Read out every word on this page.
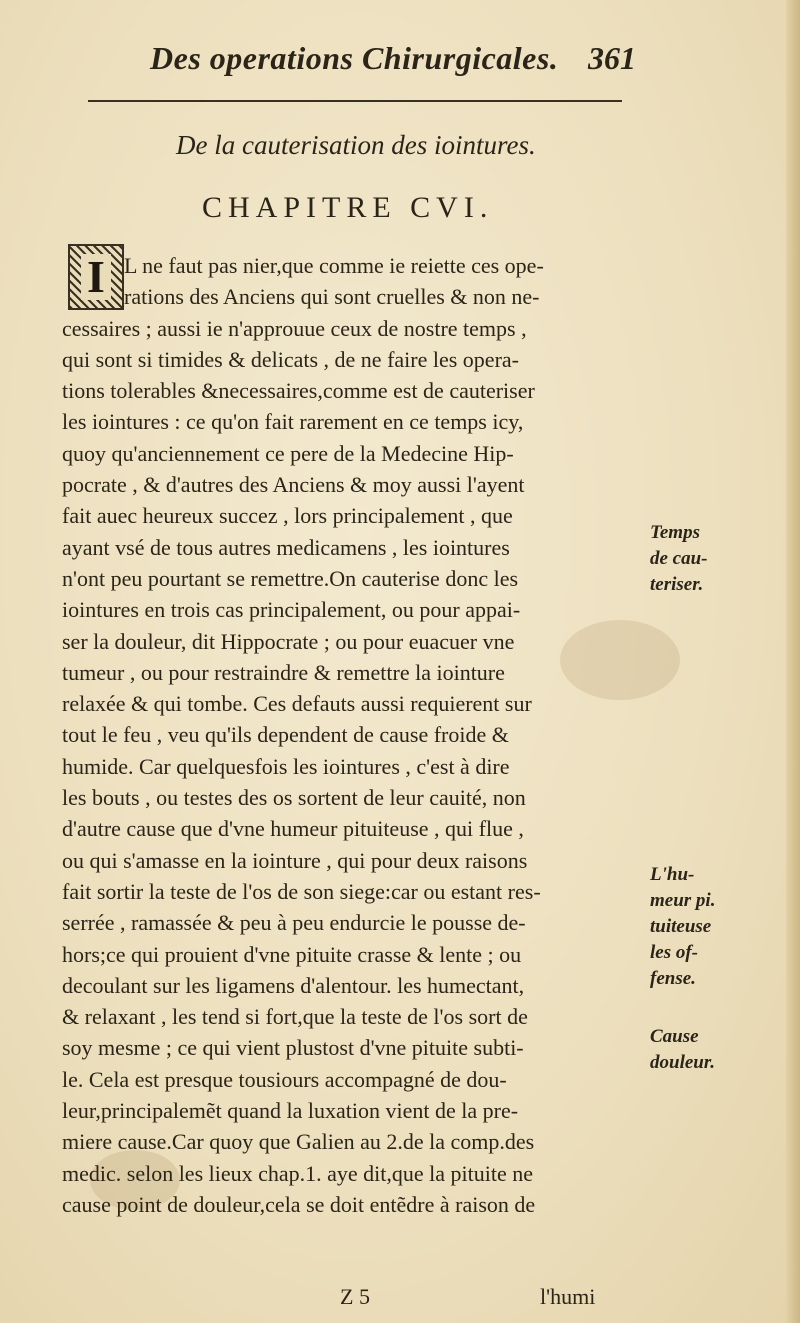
Des operations Chirurgicales. 361
De la cauterisation des iointures.
CHAPITRE CVI.
I L ne faut pas nier,que comme ie reiette ces ope-
rations des Anciens qui sont cruelles & non ne-
cessaires ; aussi ie n'approuue ceux de nostre temps ,
qui sont si timides & delicats , de ne faire les opera-
tions tolerables &necessaires,comme est de cauteriser
les iointures : ce qu'on fait rarement en ce temps icy,
quoy qu'anciennement ce pere de la Medecine Hip-
pocrate , & d'autres des Anciens & moy aussi l'ayent
fait auec heureux succez , lors principalement , que
ayant vsé de tous autres medicamens , les iointures
n'ont peu pourtant se remettre.On cauterise donc les
iointures en trois cas principalement, ou pour appai-
ser la douleur, dit Hippocrate ; ou pour euacuer vne
tumeur , ou pour restraindre & remettre la iointure
relaxée & qui tombe. Ces defauts aussi requierent sur
tout le feu , veu qu'ils dependent de cause froide &
humide. Car quelquesfois les iointures , c'est à dire
les bouts , ou testes des os sortent de leur cauité, non
d'autre cause que d'vne humeur pituiteuse , qui flue ,
ou qui s'amasse en la iointure , qui pour deux raisons
fait sortir la teste de l'os de son siege:car ou estant res-
serrée , ramassée & peu à peu endurcie le pousse de-
hors;ce qui prouient d'vne pituite crasse & lente ; ou
decoulant sur les ligamens d'alentour. les humectant,
& relaxant , les tend si fort,que la teste de l'os sort de
soy mesme ; ce qui vient plustost d'vne pituite subti-
le. Cela est presque tousiours accompagné de dou-
leur,principalemẽt quand la luxation vient de la pre-
miere cause.Car quoy que Galien au 2.de la comp.des
medic. selon les lieux chap.1. aye dit,que la pituite ne
cause point de douleur,cela se doit entẽdre à raison de
Temps
de cau-
teriser.
L'hu-
meur pi.
tuiteuse
les of-
fense.
Cause
douleur.
Z 5	l'humi
